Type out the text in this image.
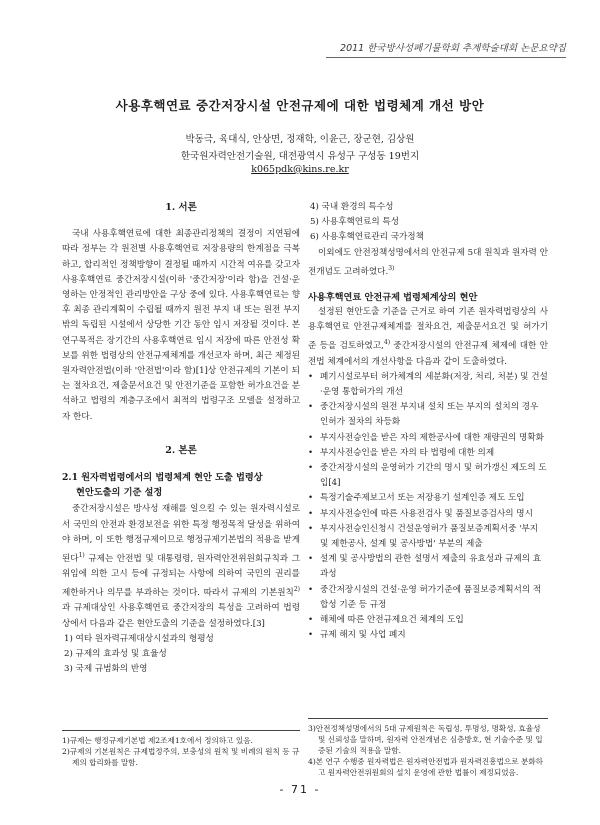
2011 한국방사성폐기물학회 추계학술대회 논문요약집
사용후핵연료 중간저장시설 안전규제에 대한 법령체계 개선 방안
박동극, 육대식, 안상면, 정재학, 이윤근, 장군현, 김상원
한국원자력안전기술원, 대전광역시 유성구 구성동 19번지
k065pdk@kins.re.kr

1. 서론

국내 사용후핵연료에 대한 최종관리정책의 결정이 지연됨에 따라 정부는 각 원전별 사용후핵연료 저장용량의 한계점을 극복하고, 합리적인 정책방향이 결정될 때까지 시간적 여유를 갖고자 사용후핵연료 중간저장시설(이하 '중간저장'이라 함)을 건설·운영하는 안정적인 관리방안을 구상 중에 있다. 사용후핵연료는 향후 최종 관리계획이 수립될 때까지 원전 부지 내 또는 원전 부지 밖의 독립된 시설에서 상당한 기간 동안 임시 저장될 것이다. 본 연구목적은 장기간의 사용후핵연료 임시 저장에 따른 안전성 확보를 위한 법령상의 안전규제체계를 개선코자 하며, 최근 제정된 원자력안전법(이하 '안전법'이라 함)[1]상 안전규제의 기본이 되는 절차요건, 제출문서요건 및 안전기준을 포함한 허가요건을 분석하고 법령의 계층구조에서 최적의 법령구조 모델을 설정하고자 한다.

2. 본론

2.1 원자력법령에서의 법령체계 현안 도출 법령상

현안도출의 기준 설정

중간저장시설은 방사성 재해를 일으킬 수 있는 원자력시설로서 국민의 안전과 환경보전을 위한 특정 행정목적 달성을 위하여야 하며, 이 또한 행정규제이므로 행정규제기본법의 적용을 받게 된다$^{1)}$ 규제는 안전법 및 대통령령, 원자력안전위원회규칙과 그 위임에 의한 고시 등에 규정되는 사항에 의하여 국민의 권리를 제한하거나 의무를 부과하는 것이다. 따라서 규제의 기본원칙$^{2)}$과 규제대상인 사용후핵연료 중간저장의 특성을 고려하여 법령상에서 다음과 같은 현안도출의 기준을 설정하였다.[3]

1) 여타 원자력규제대상시설과의 형평성

2) 규제의 효과성 및 효율성

3) 국제 규범화의 반영

1)규제는 행정규제기본법 제2조제1호에서 정의하고 있음.

2)규제의 기본원칙은 규제법정주의, 보충성의 원칙 및 비례의 원칙 등 규제의 합리화를 말함.

4) 국내 환경의 특수성

5) 사용후핵연료의 특성

6) 사용후핵연료관리 국가정책

이외에도 안전정책성명에서의 안전규제 5대 원칙과 원자력 안전개념도 고려하였다.$^{3)}$

사용후핵연료 안전규제 법령체계상의 현안

설정된 현안도출 기준을 근거로 하여 기존 원자력법령상의 사용후핵연료 안전규제체계를 절차요건, 제출문서요건 및 허가기준 등을 검토하였고,$^{4)}$ 중간저장시설의 안전규제 체제에 대한 안전법 체계에서의 개선사항을 다음과 같이 도출하였다.

• 폐기시설로부터 허가체계의 세분화(저장, 처리, 처분) 및 건설·운영 통합허가의 개선

• 중간저장시설의 원전 부지내 설치 또는 부지의 설치의 경우 인허가 절차의 차등화

• 부지사전승인을 받은 자의 제한공사에 대한 재량권의 명확화

• 부지사전승인을 받은 자의 타 법령에 대한 의제

• 중간저장시설의 운영허가 기간의 명시 및 허가갱신 제도의 도입[4]

• 특정기술주제보고서 또는 저장용기 설계인증 제도 도입

• 부지사전승인에 따른 사용전검사 및 품질보증검사의 명시

• 부지사전승인신청시 건설운영허가 품질보증계획서중 '부지 및 제한공사, 설계 및 공사방법' 부분의 제출

• 설계 및 공사방법의 관한 설명서 제출의 유효성과 규제의 효과성

• 중간저장시설의 건설·운영 허가기준에 품질보증계획서의 적합성 기준 등 규정

• 해체에 따른 안전규제요건 체계의 도입

• 규제 해지 및 사업 폐지

3)안전정책성명에서의 5대 규제원칙은 독립성, 투명성, 명확성, 효율성 및 신뢰성을 말하며, 원자력 안전개념은 심층방호, 현 기술수준 및 입증된 기술의 적용을 말함.

4)본 연구 수행중 원자력법은 원자력안전법과 원자력진흥법으로 분화하고 원자력안전위원회의 설치 운영에 관한 법률이 제정되었음.

- 71 -
